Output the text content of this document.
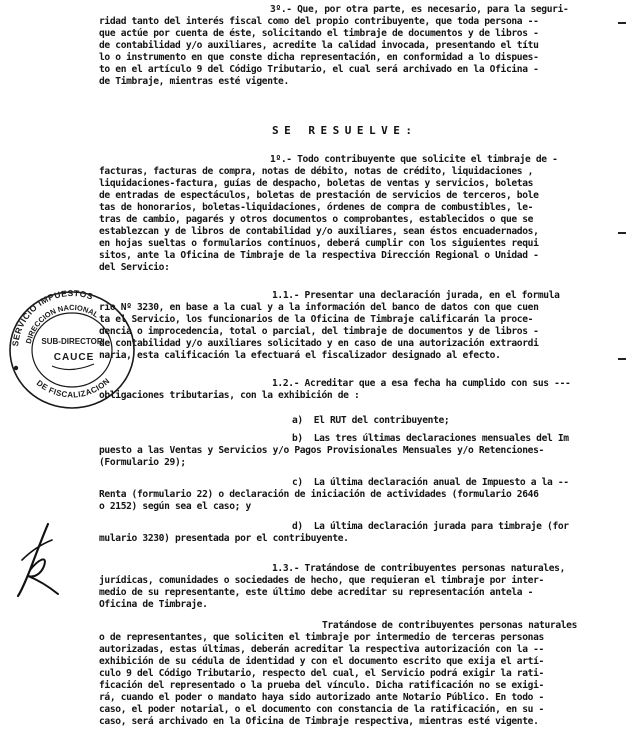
3º.- Que, por otra parte, es necesario, para la seguri-
ridad tanto del interés fiscal como del propio contribuyente, que toda persona --
que actúe por cuenta de éste, solicitando el timbraje de documentos y de libros -
de contabilidad y/o auxiliares, acredite la calidad invocada, presentando el títu
lo o instrumento en que conste dicha representación, en conformidad a lo dispues-
to en el artículo 9 del Código Tributario, el cual será archivado en la Oficina -
de Timbraje, mientras esté vigente.
SE RESUELVE:
1º.- Todo contribuyente que solicite el timbraje de -
facturas, facturas de compra, notas de débito, notas de crédito, liquidaciones ,
liquidaciones-factura, guías de despacho, boletas de ventas y servicios, boletas
de entradas de espectáculos, boletas de prestación de servicios de terceros, bole
tas de honorarios, boletas-liquidaciones, órdenes de compra de combustibles, le-
tras de cambio, pagarés y otros documentos o comprobantes, establecidos o que se
establezcan y de libros de contabilidad y/o auxiliares, sean éstos encuadernados,
en hojas sueltas o formularios continuos, deberá cumplir con los siguientes requi
sitos, ante la Oficina de Timbraje de la respectiva Dirección Regional o Unidad -
del Servicio:
1.1.- Presentar una declaración jurada, en el formula
rio Nº 3230, en base a la cual y a la información del banco de datos con que cuen
ta el Servicio, los funcionarios de la Oficina de Timbraje calificarán la proce-
dencia o improcedencia, total o parcial, del timbraje de documentos y de libros -
de contabilidad y/o auxiliares solicitado y en caso de una autorización extraordi
naria, esta calificación la efectuará el fiscalizador designado al efecto.
1.2.- Acreditar que a esa fecha ha cumplido con sus ---
obligaciones tributarias, con la exhibición de :
a)  El RUT del contribuyente;
b)  Las tres últimas declaraciones mensuales del Im
puesto a las Ventas y Servicios y/o Pagos Provisionales Mensuales y/o Retenciones-
(Formulario 29);
c)  La última declaración anual de Impuesto a la --
Renta (formulario 22) o declaración de iniciación de actividades (formulario 2646
o 2152) según sea el caso; y
d)  La última declaración jurada para timbraje (for
mulario 3230) presentada por el contribuyente.
1.3.- Tratándose de contribuyentes personas naturales,
jurídicas, comunidades o sociedades de hecho, que requieran el timbraje por inter-
medio de su representante, este último debe acreditar su representación antela -
Oficina de Timbraje.
Tratándose de contribuyentes personas naturales
o de representantes, que soliciten el timbraje por intermedio de terceras personas
autorizadas, estas últimas, deberán acreditar la respectiva autorización con la --
exhibición de su cédula de identidad y con el documento escrito que exija el artí-
culo 9 del Código Tributario, respecto del cual, el Servicio podrá exigir la rati-
ficación del representado o la prueba del vínculo. Dicha ratificación no se exigi-
rá, cuando el poder o mandato haya sido autorizado ante Notario Público. En todo -
caso, el poder notarial, o el documento con constancia de la ratificación, en su -
caso, será archivado en la Oficina de Timbraje respectiva, mientras esté vigente.
SERVICIO IMPUESTOS
DIRECCION NACIONAL
DE FISCALIZACION
SUB-DIRECTOR
CAUCE
